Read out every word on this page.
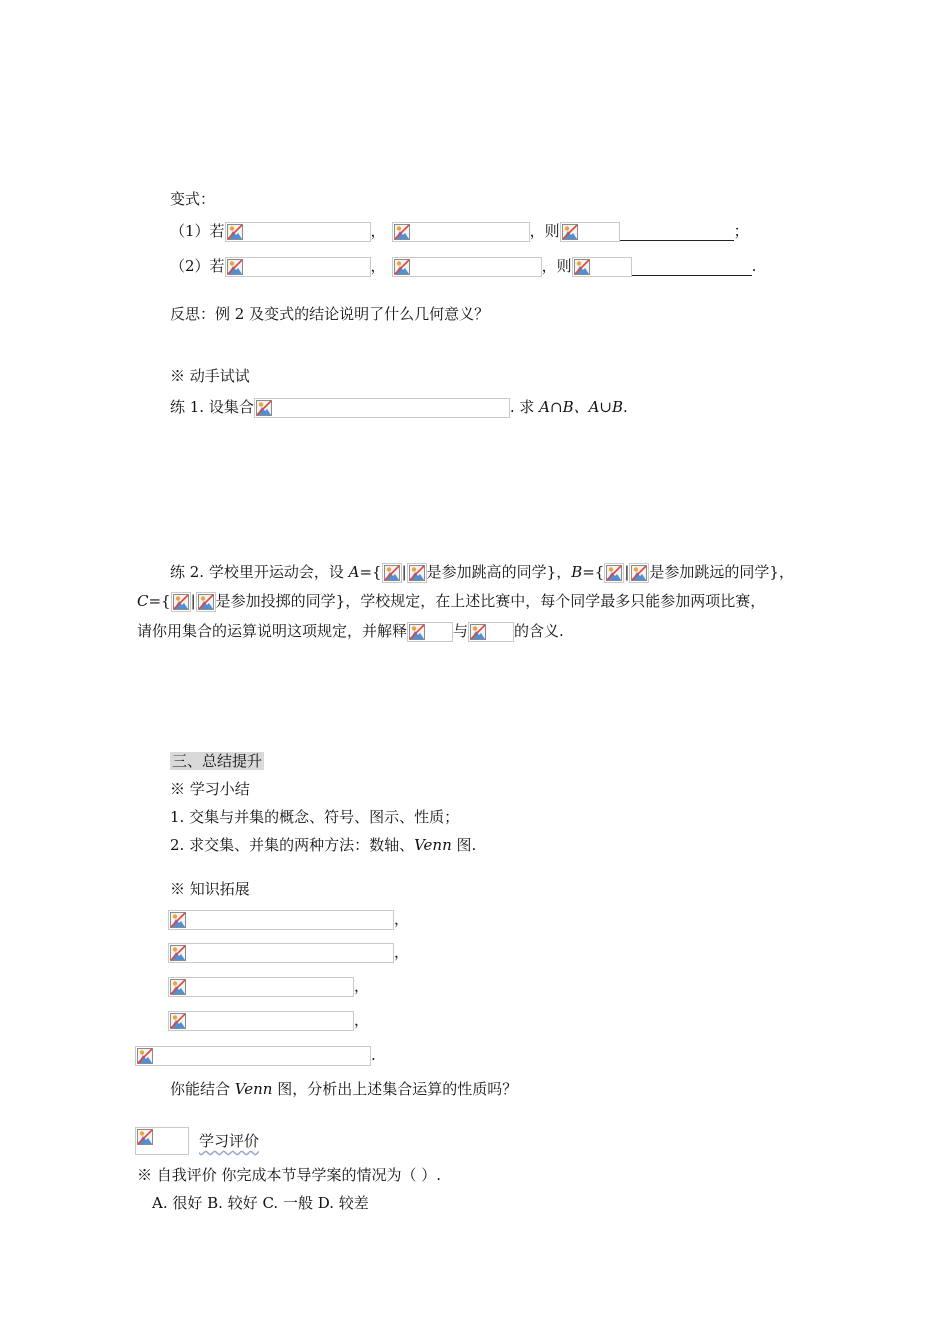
变式：
（1）若	，	，则	；
（2）若	，	，则	.
反思：例 2 及变式的结论说明了什么几何意义？
※ 动手试试
练 1. 设集合	. 求 A∩B、A∪B.
练 2. 学校里开运动会，设 A={ | 是参加跳高的同学}，B={ | 是参加跳远的同学}，
C={ | 是参加投掷的同学}，学校规定，在上述比赛中，每个同学最多只能参加两项比赛，
请你用集合的运算说明这项规定，并解释	与	的含义.
三、总结提升
※ 学习小结
1. 交集与并集的概念、符号、图示、性质；
2. 求交集、并集的两种方法：数轴、Venn 图.
※ 知识拓展
，
，
，
，
.
你能结合 Venn 图，分析出上述集合运算的性质吗？
学习评价
※ 自我评价 你完成本节导学案的情况为（ ）.
A. 很好 B. 较好 C. 一般 D. 较差
